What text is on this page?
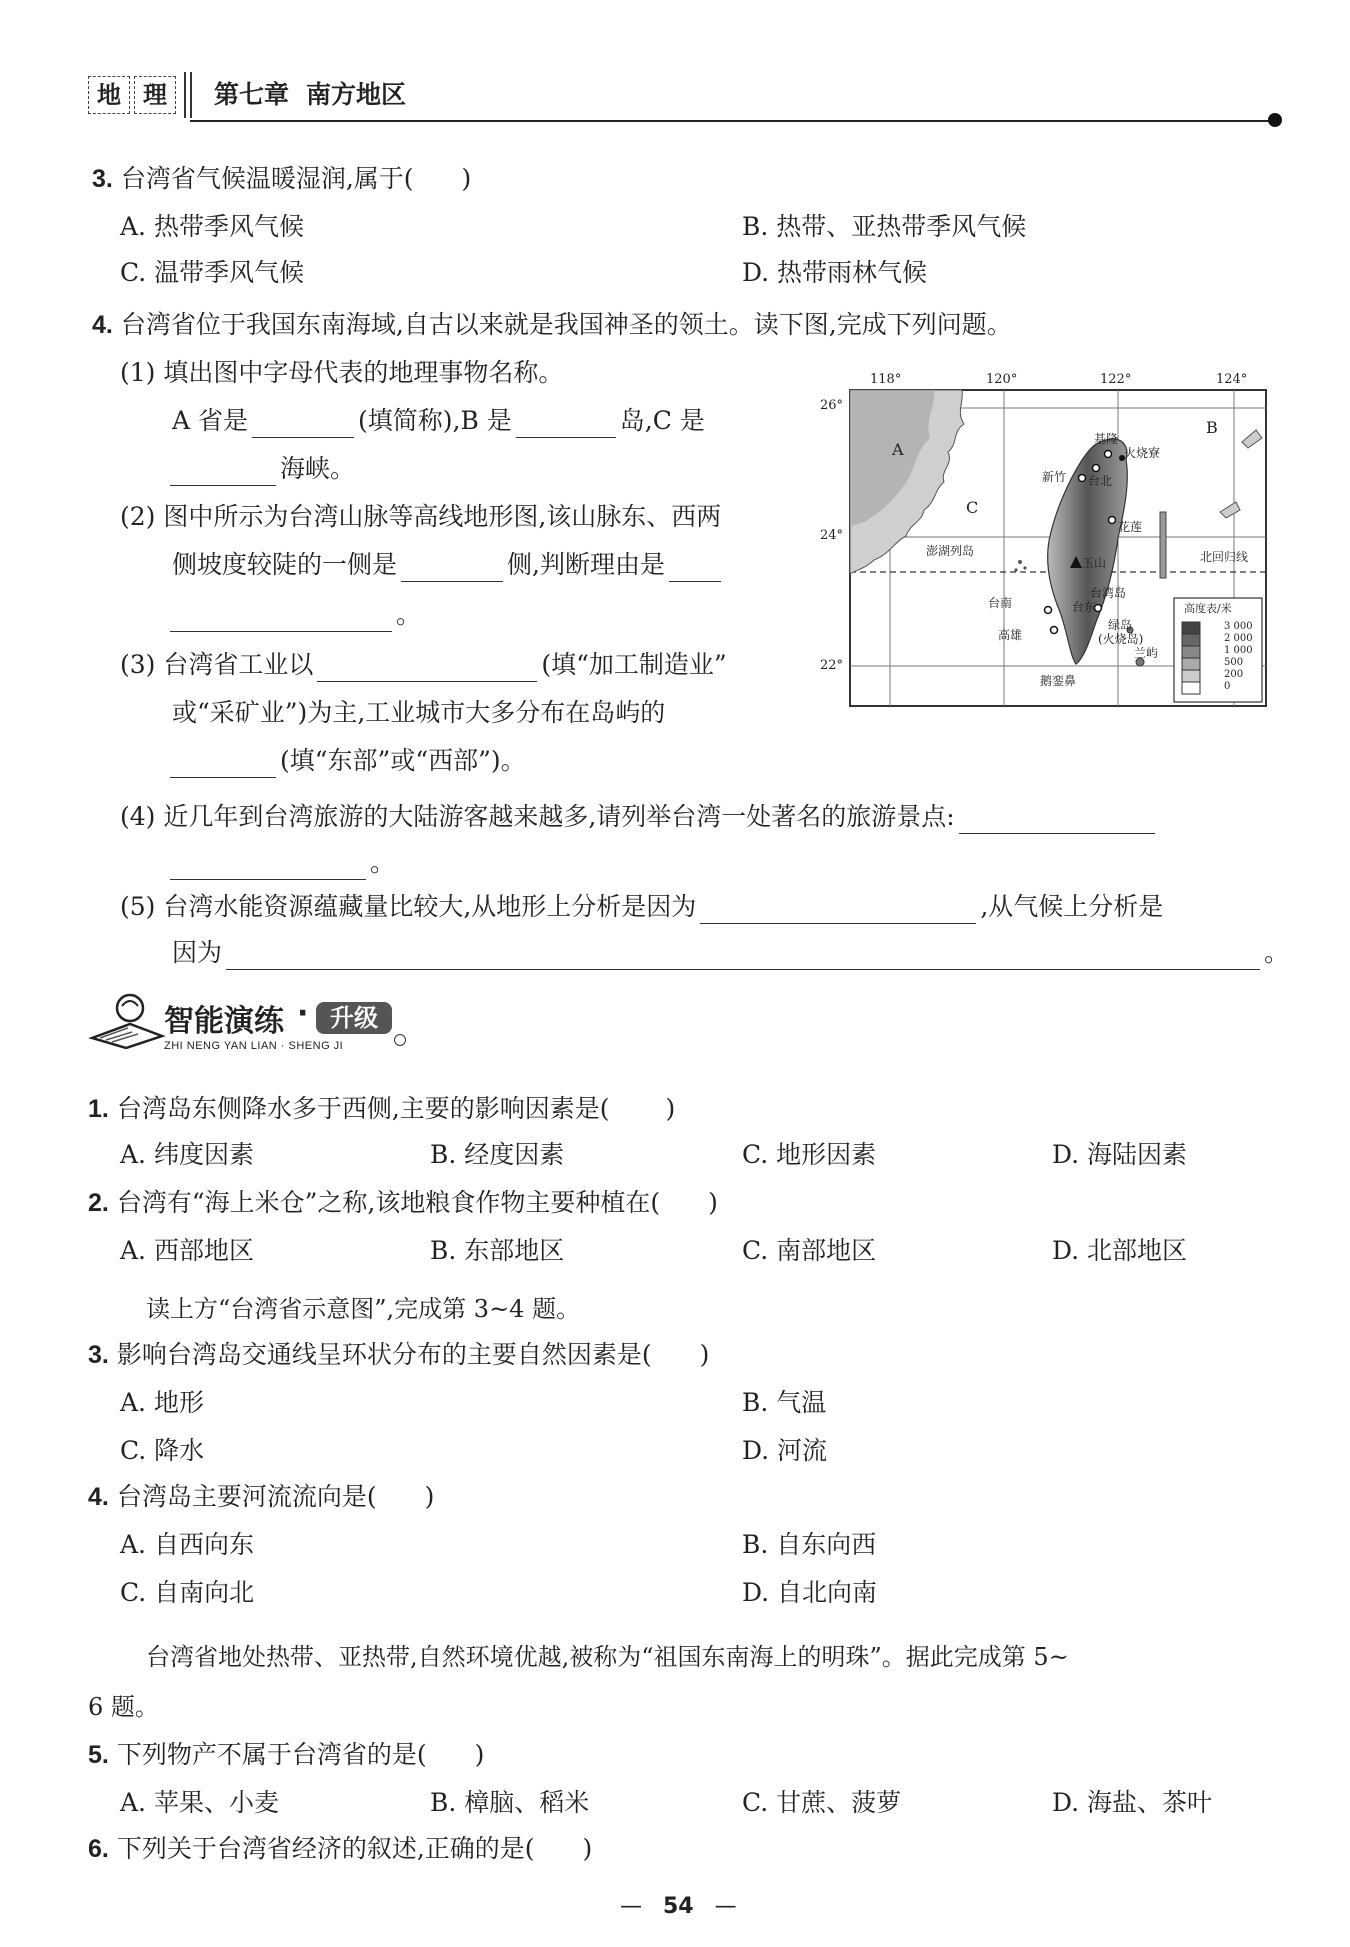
地 理	第七章 南方地区
3. 台湾省气候温暖湿润,属于( )
A. 热带季风气候	B. 热带、亚热带季风气候
C. 温带季风气候	D. 热带雨林气候
4. 台湾省位于我国东南海域,自古以来就是我国神圣的领土。读下图,完成下列问题。
(1) 填出图中字母代表的地理事物名称。
A 省是	(填简称),B 是	岛,C 是
海峡。
(2) 图中所示为台湾山脉等高线地形图,该山脉东、西两
侧坡度较陡的一侧是	侧,判断理由是
。
(3) 台湾省工业以	(填“加工制造业”
或“采矿业”)为主,工业城市大多分布在岛屿的
(填“东部”或“西部”)。
(4) 近几年到台湾旅游的大陆游客越来越多,请列举台湾一处著名的旅游景点:
。
(5) 台湾水能资源蕴藏量比较大,从地形上分析是因为	,从气候上分析是
因为	。
118°	120°	122°	124°
26°
24°
22°
A
B
C
基隆
火烧寮
新竹 台北
花莲
澎湖列岛
玉山
台湾岛
台南	台东
绿岛
(火烧岛)
高雄
兰屿
鹅銮鼻
北回归线
高度表/米
3 000
2 000
1 000
500
200
0
智能演练 · 升级
ZHI NENG YAN LIAN · SHENG JI
1. 台湾岛东侧降水多于西侧,主要的影响因素是( )
A. 纬度因素	B. 经度因素	C. 地形因素	D. 海陆因素
2. 台湾有“海上米仓”之称,该地粮食作物主要种植在( )
A. 西部地区	B. 东部地区	C. 南部地区	D. 北部地区
读上方“台湾省示意图”,完成第 3~4 题。
3. 影响台湾岛交通线呈环状分布的主要自然因素是( )
A. 地形	B. 气温
C. 降水	D. 河流
4. 台湾岛主要河流流向是( )
A. 自西向东	B. 自东向西
C. 自南向北	D. 自北向南
台湾省地处热带、亚热带,自然环境优越,被称为“祖国东南海上的明珠”。据此完成第 5~
6 题。
5. 下列物产不属于台湾省的是( )
A. 苹果、小麦	B. 樟脑、稻米	C. 甘蔗、菠萝	D. 海盐、茶叶
6. 下列关于台湾省经济的叙述,正确的是( )
— 54 —
